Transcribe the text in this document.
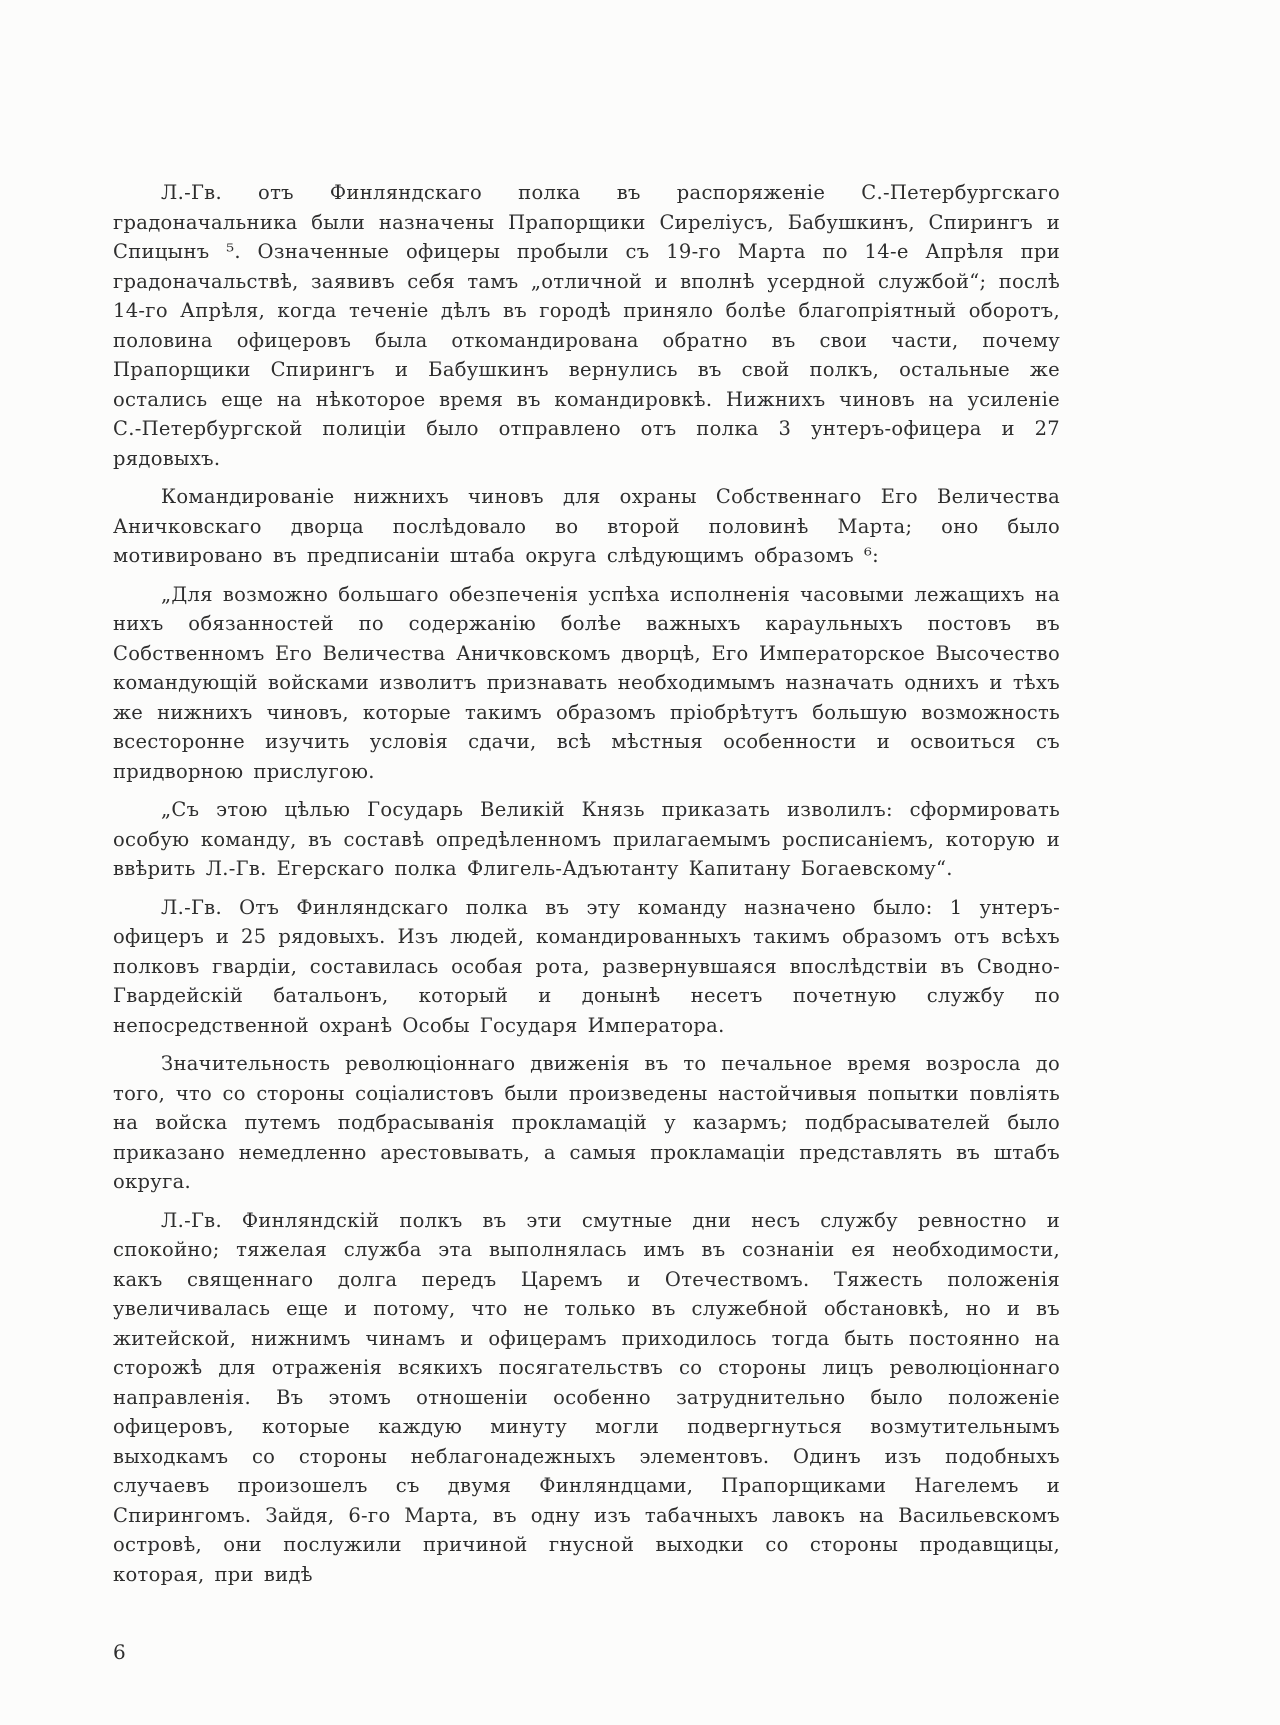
Л.-Гв. отъ Финляндскаго полка въ распоряженіе С.-Петербургскаго градоначальника были назначены Прапорщики Сиреліусъ, Бабушкинъ, Спирингъ и Спицынъ ⁵. Означенные офицеры пробыли съ 19-го Марта по 14-е Апрѣля при градоначальствѣ, заявивъ себя тамъ „отличной и вполнѣ усердной службой“; послѣ 14-го Апрѣля, когда теченіе дѣлъ въ городѣ приняло болѣе благопріятный оборотъ, половина офицеровъ была откомандирована обратно въ свои части, почему Прапорщики Спирингъ и Бабушкинъ вернулись въ свой полкъ, остальные же остались еще на нѣкоторое время въ командировкѣ. Нижнихъ чиновъ на усиленіе С.-Петербургской полиціи было отправлено отъ полка 3 унтеръ-офицера и 27 рядовыхъ.

Командированіе нижнихъ чиновъ для охраны Собственнаго Его Величества Аничковскаго дворца послѣдовало во второй половинѣ Марта; оно было мотивировано въ предписаніи штаба округа слѣдующимъ образомъ ⁶:

„Для возможно большаго обезпеченія успѣха исполненія часовыми лежащихъ на нихъ обязанностей по содержанію болѣе важныхъ караульныхъ постовъ въ Собственномъ Его Величества Аничковскомъ дворцѣ, Его Императорское Высочество командующій войсками изволитъ признавать необходимымъ назначать однихъ и тѣхъ же нижнихъ чиновъ, которые такимъ образомъ пріобрѣтутъ большую возможность всесторонне изучить условія сдачи, всѣ мѣстныя особенности и освоиться съ придворною прислугою.

„Съ этою цѣлью Государь Великій Князь приказать изволилъ: сформировать особую команду, въ составѣ опредѣленномъ прилагаемымъ росписаніемъ, которую и ввѣрить Л.-Гв. Егерскаго полка Флигель-Адъютанту Капитану Богаевскому“.

Л.-Гв. Отъ Финляндскаго полка въ эту команду назначено было: 1 унтеръ-офицеръ и 25 рядовыхъ. Изъ людей, командированныхъ такимъ образомъ отъ всѣхъ полковъ гвардіи, составилась особая рота, развернувшаяся впослѣдствіи въ Сводно-Гвардейскій батальонъ, который и донынѣ несетъ почетную службу по непосредственной охранѣ Особы Государя Императора.

Значительность революціоннаго движенія въ то печальное время возросла до того, что со стороны соціалистовъ были произведены настойчивыя попытки повліять на войска путемъ подбрасыванія прокламацій у казармъ; подбрасывателей было приказано немедленно арестовывать, а самыя прокламаціи представлять въ штабъ округа.

Л.-Гв. Финляндскій полкъ въ эти смутные дни несъ службу ревностно и спокойно; тяжелая служба эта выполнялась имъ въ сознаніи ея необходимости, какъ священнаго долга передъ Царемъ и Отечествомъ. Тяжесть положенія увеличивалась еще и потому, что не только въ служебной обстановкѣ, но и въ житейской, нижнимъ чинамъ и офицерамъ приходилось тогда быть постоянно на сторожѣ для отраженія всякихъ посягательствъ со стороны лицъ революціоннаго направленія. Въ этомъ отношеніи особенно затруднительно было положеніе офицеровъ, которые каждую минуту могли подвергнуться возмутительнымъ выходкамъ со стороны неблагонадежныхъ элементовъ. Одинъ изъ подобныхъ случаевъ произошелъ съ двумя Финляндцами, Прапорщиками Нагелемъ и Спирингомъ. Зайдя, 6-го Марта, въ одну изъ табачныхъ лавокъ на Васильевскомъ островѣ, они послужили причиной гнусной выходки со стороны продавщицы, которая, при видѣ

6
